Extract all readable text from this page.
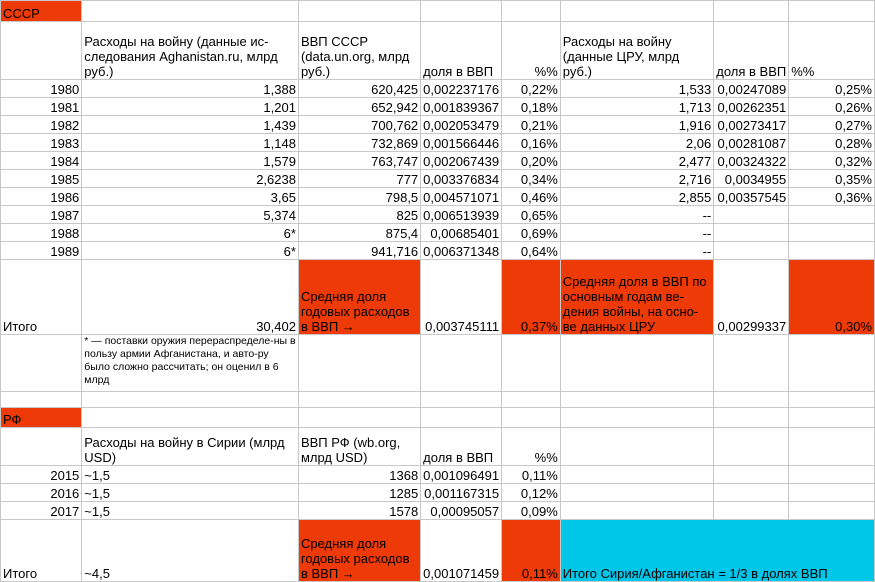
СССР							
	Расходы на войну (данные ис-следования Aghanistan.ru, млрд руб.)	ВВП СССР (data.un.org, млрд руб.)	доля в ВВП	%%	Расходы на войну (данные ЦРУ, млрд руб.)	доля в ВВП	%%
1980	1,388	620,425	0,002237176	0,22%	1,533	0,00247089	0,25%
1981	1,201	652,942	0,001839367	0,18%	1,713	0,00262351	0,26%
1982	1,439	700,762	0,002053479	0,21%	1,916	0,00273417	0,27%
1983	1,148	732,869	0,001566446	0,16%	2,06	0,00281087	0,28%
1984	1,579	763,747	0,002067439	0,20%	2,477	0,00324322	0,32%
1985	2,6238	777	0,003376834	0,34%	2,716	0,0034955	0,35%
1986	3,65	798,5	0,004571071	0,46%	2,855	0,00357545	0,36%
1987	5,374	825	0,006513939	0,65%	--		
1988	6*	875,4	0,00685401	0,69%	--		
1989	6*	941,716	0,006371348	0,64%	--		
Итого	30,402	Средняя доля годовых расходов в ВВП →	0,003745111	0,37%	Средняя доля в ВВП по основным годам ве-дения войны, на осно-ве данных ЦРУ	0,00299337	0,30%
	* — поставки оружия перераспределе-ны в пользу армии Афганистана, и авто-ру было сложно рассчитать; он оценил в 6 млрд						

РФ							
	Расходы на войну в Сирии (млрд USD)	ВВП РФ (wb.org, млрд USD)	доля в ВВП	%%			
2015	~1,5	1368	0,001096491	0,11%			
2016	~1,5	1285	0,001167315	0,12%			
2017	~1,5	1578	0,00095057	0,09%			
Итого	~4,5	Средняя доля годовых расходов в ВВП →	0,001071459	0,11%	Итого Сирия/Афганистан = 1/3 в долях ВВП		
